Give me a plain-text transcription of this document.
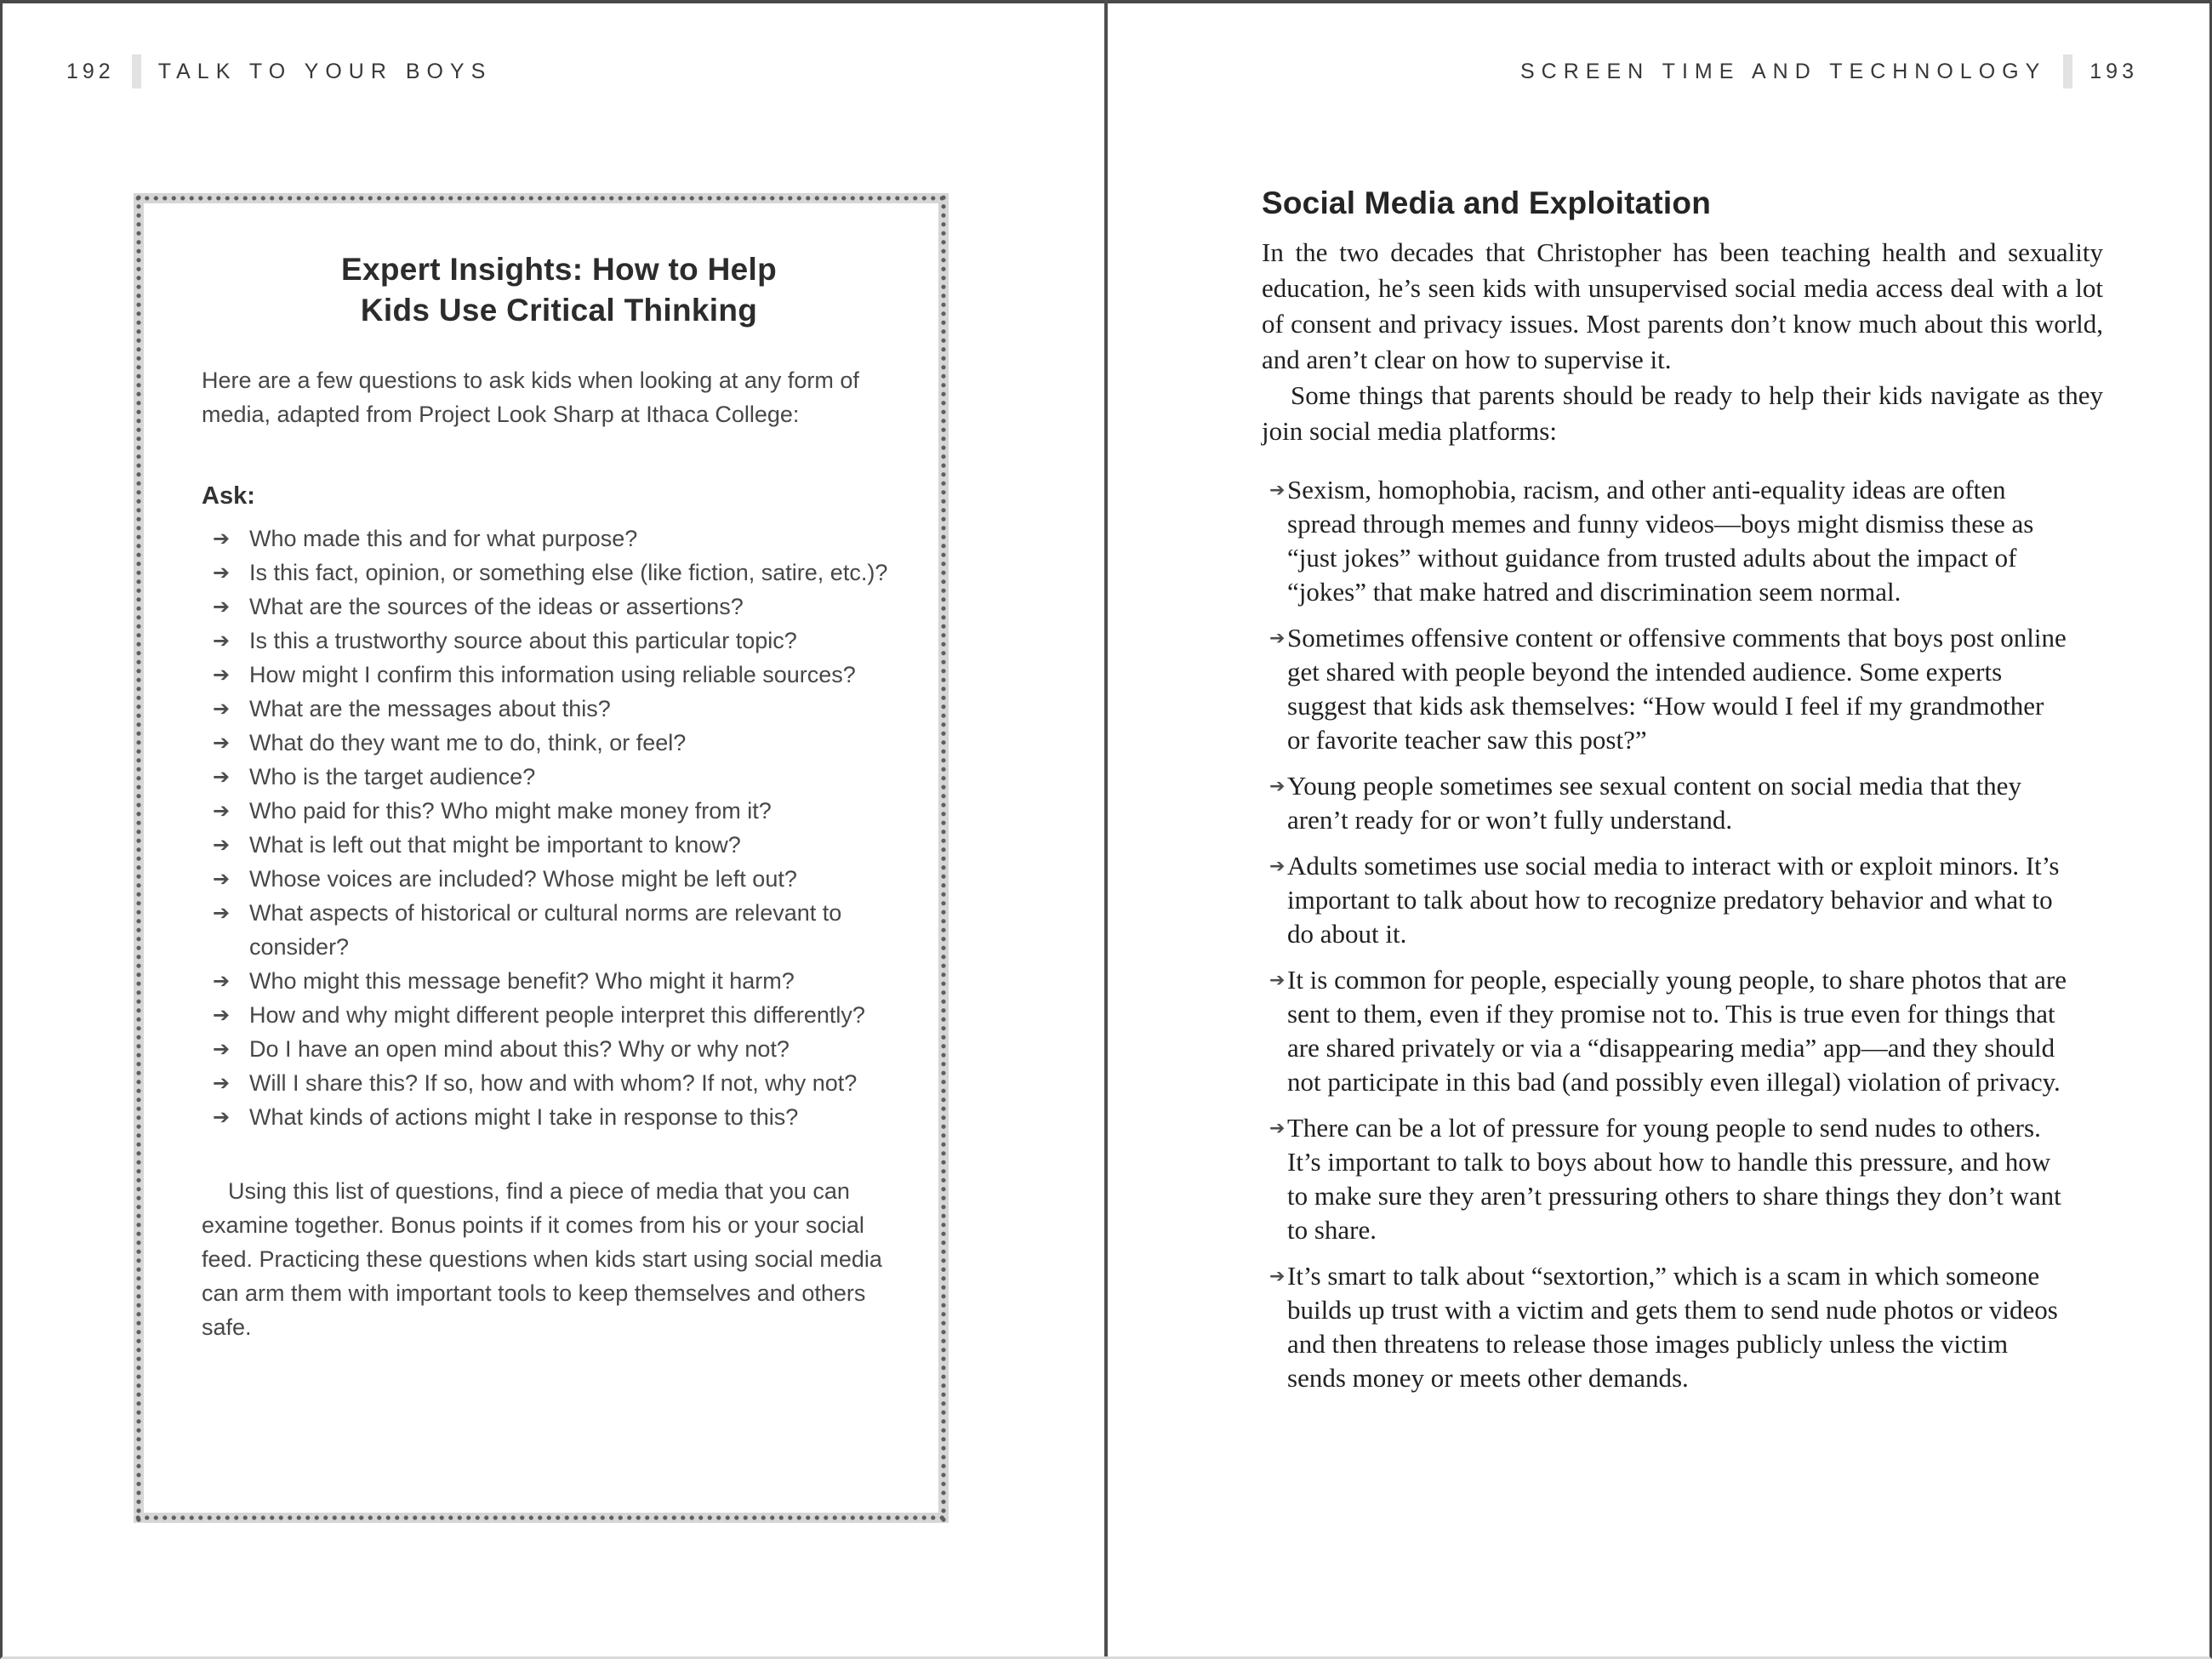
192 TALK TO YOUR BOYS	SCREEN TIME AND TECHNOLOGY 193
Expert Insights: How to Help
Kids Use Critical Thinking

Here are a few questions to ask kids when looking at any form of media, adapted from Project Look Sharp at Ithaca College:

Ask:

➔ Who made this and for what purpose?
➔ Is this fact, opinion, or something else (like fiction, satire, etc.)?
➔ What are the sources of the ideas or assertions?
➔ Is this a trustworthy source about this particular topic?
➔ How might I confirm this information using reliable sources?
➔ What are the messages about this?
➔ What do they want me to do, think, or feel?
➔ Who is the target audience?
➔ Who paid for this? Who might make money from it?
➔ What is left out that might be important to know?
➔ Whose voices are included? Whose might be left out?
➔ What aspects of historical or cultural norms are relevant to consider?
➔ Who might this message benefit? Who might it harm?
➔ How and why might different people interpret this differently?
➔ Do I have an open mind about this? Why or why not?
➔ Will I share this? If so, how and with whom? If not, why not?
➔ What kinds of actions might I take in response to this?

Using this list of questions, find a piece of media that you can examine together. Bonus points if it comes from his or your social feed. Practicing these questions when kids start using social media can arm them with important tools to keep themselves and others safe.

Social Media and Exploitation

In the two decades that Christopher has been teaching health and sexuality education, he’s seen kids with unsupervised social media access deal with a lot of consent and privacy issues. Most parents don’t know much about this world, and aren’t clear on how to supervise it.

Some things that parents should be ready to help their kids navigate as they join social media platforms:

➔ Sexism, homophobia, racism, and other anti-equality ideas are often spread through memes and funny videos—boys might dismiss these as “just jokes” without guidance from trusted adults about the impact of “jokes” that make hatred and discrimination seem normal.
➔ Sometimes offensive content or offensive comments that boys post online get shared with people beyond the intended audience. Some experts suggest that kids ask themselves: “How would I feel if my grandmother or favorite teacher saw this post?”
➔ Young people sometimes see sexual content on social media that they aren’t ready for or won’t fully understand.
➔ Adults sometimes use social media to interact with or exploit minors. It’s important to talk about how to recognize predatory behavior and what to do about it.
➔ It is common for people, especially young people, to share photos that are sent to them, even if they promise not to. This is true even for things that are shared privately or via a “disappearing media” app—and they should not participate in this bad (and possibly even illegal) violation of privacy.
➔ There can be a lot of pressure for young people to send nudes to others. It’s important to talk to boys about how to handle this pressure, and how to make sure they aren’t pressuring others to share things they don’t want to share.
➔ It’s smart to talk about “sextortion,” which is a scam in which someone builds up trust with a victim and gets them to send nude photos or videos and then threatens to release those images publicly unless the victim sends money or meets other demands.
